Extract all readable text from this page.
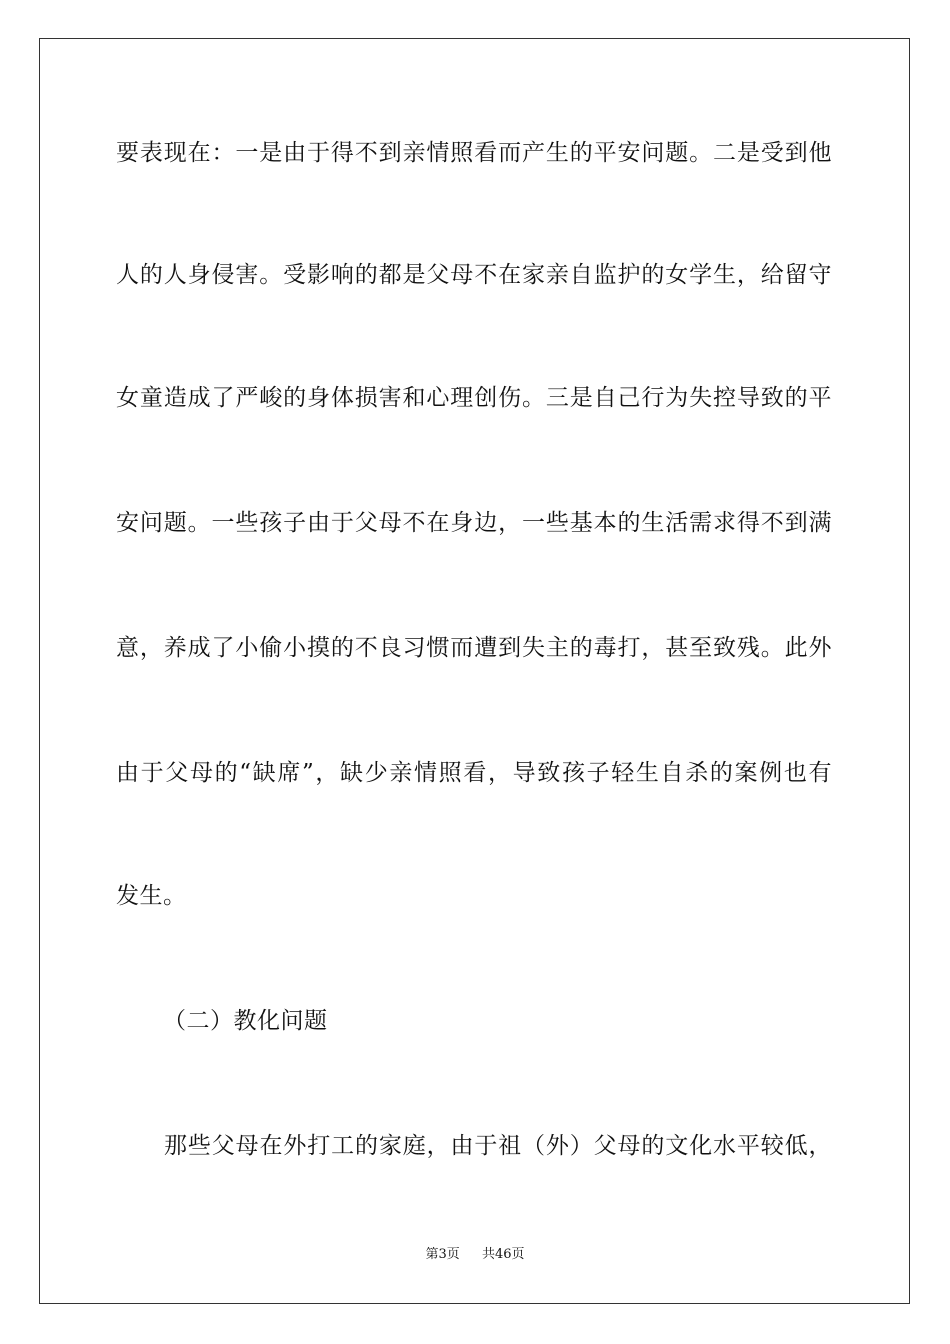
要表现在：一是由于得不到亲情照看而产生的平安问题。二是受到他
人的人身侵害。受影响的都是父母不在家亲自监护的女学生，给留守
女童造成了严峻的身体损害和心理创伤。三是自己行为失控导致的平
安问题。一些孩子由于父母不在身边，一些基本的生活需求得不到满
意，养成了小偷小摸的不良习惯而遭到失主的毒打，甚至致残。此外
由于父母的“缺席”，缺少亲情照看，导致孩子轻生自杀的案例也有
发生。
（二）教化问题
那些父母在外打工的家庭，由于祖（外）父母的文化水平较低，
第3页 共46页
